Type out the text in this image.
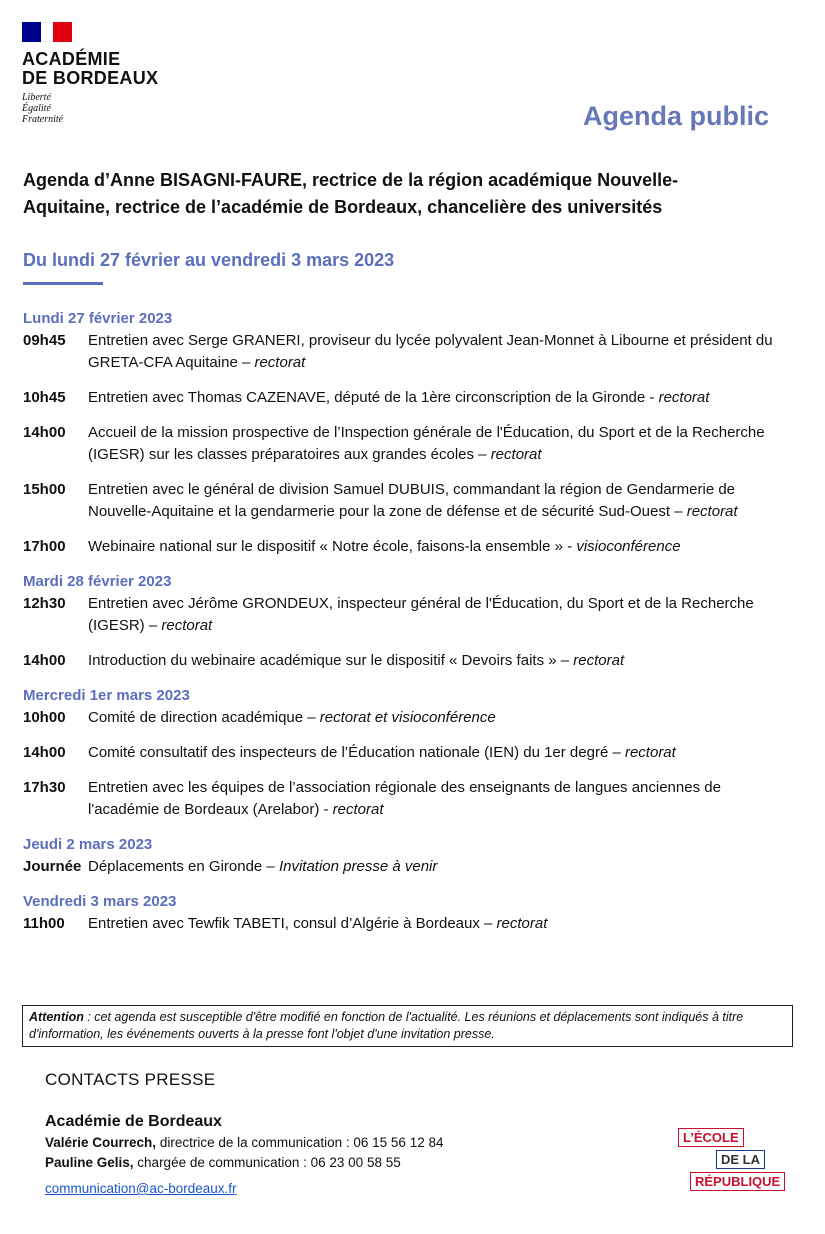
ACADÉMIE
DE BORDEAUX
Liberté
Égalité
Fraternité	Agenda public
Agenda d’Anne BISAGNI-FAURE, rectrice de la région académique Nouvelle-Aquitaine, rectrice de l’académie de Bordeaux, chancelière des universités
Du lundi 27 février au vendredi 3 mars 2023
Lundi 27 février 2023
09h45	Entretien avec Serge GRANERI, proviseur du lycée polyvalent Jean-Monnet à Libourne et président du GRETA-CFA Aquitaine – rectorat
10h45	Entretien avec Thomas CAZENAVE, député de la 1ère circonscription de la Gironde - rectorat
14h00	Accueil de la mission prospective de l’Inspection générale de l'Éducation, du Sport et de la Recherche (IGESR) sur les classes préparatoires aux grandes écoles – rectorat
15h00	Entretien avec le général de division Samuel DUBUIS, commandant la région de Gendarmerie de Nouvelle-Aquitaine et la gendarmerie pour la zone de défense et de sécurité Sud-Ouest – rectorat
17h00	Webinaire national sur le dispositif « Notre école, faisons-la ensemble » - visioconférence
Mardi 28 février 2023
12h30	Entretien avec Jérôme GRONDEUX, inspecteur général de l'Éducation, du Sport et de la Recherche (IGESR) – rectorat
14h00	Introduction du webinaire académique sur le dispositif « Devoirs faits » – rectorat
Mercredi 1er mars 2023
10h00	Comité de direction académique – rectorat et visioconférence
14h00	Comité consultatif des inspecteurs de l’Éducation nationale (IEN) du 1er degré – rectorat
17h30	Entretien avec les équipes de l’association régionale des enseignants de langues anciennes de l'académie de Bordeaux (Arelabor) - rectorat
Jeudi 2 mars 2023
Journée Déplacements en Gironde – Invitation presse à venir
Vendredi 3 mars 2023
11h00	Entretien avec Tewfik TABETI, consul d’Algérie à Bordeaux – rectorat
Attention : cet agenda est susceptible d'être modifié en fonction de l'actualité. Les réunions et déplacements sont indiqués à titre d'information, les événements ouverts à la presse font l'objet d'une invitation presse.
CONTACTS PRESSE
Académie de Bordeaux
Valérie Courrech, directrice de la communication : 06 15 56 12 84
Pauline Gelis, chargée de communication : 06 23 00 58 55
communication@ac-bordeaux.fr
L’ÉCOLE
DE LA
RÉPUBLIQUE
